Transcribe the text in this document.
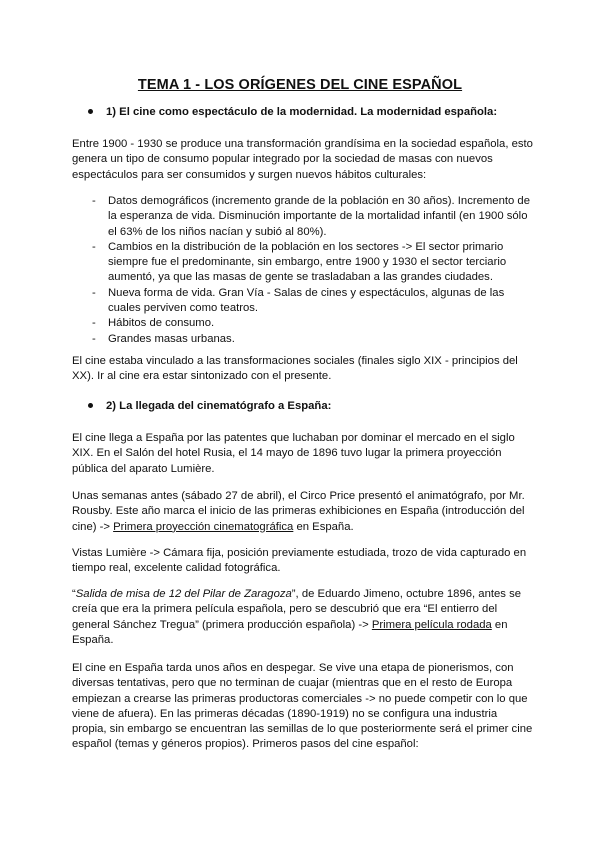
TEMA 1 - LOS ORÍGENES DEL CINE ESPAÑOL
1) El cine como espectáculo de la modernidad. La modernidad española:

Entre 1900 - 1930 se produce una transformación grandísima en la sociedad española, esto genera un tipo de consumo popular integrado por la sociedad de masas con nuevos espectáculos para ser consumidos y surgen nuevos hábitos culturales:

- Datos demográficos (incremento grande de la población en 30 años). Incremento de la esperanza de vida. Disminución importante de la mortalidad infantil (en 1900 sólo el 63% de los niños nacían y subió al 80%).
- Cambios en la distribución de la población en los sectores -> El sector primario siempre fue el predominante, sin embargo, entre 1900 y 1930 el sector terciario aumentó, ya que las masas de gente se trasladaban a las grandes ciudades.
- Nueva forma de vida. Gran Vía - Salas de cines y espectáculos, algunas de las cuales perviven como teatros.
- Hábitos de consumo.
- Grandes masas urbanas.

El cine estaba vinculado a las transformaciones sociales (finales siglo XIX - principios del XX). Ir al cine era estar sintonizado con el presente.

2) La llegada del cinematógrafo a España:

El cine llega a España por las patentes que luchaban por dominar el mercado en el siglo XIX. En el Salón del hotel Rusia, el 14 mayo de 1896 tuvo lugar la primera proyección pública del aparato Lumière.

Unas semanas antes (sábado 27 de abril), el Circo Price presentó el animatógrafo, por Mr. Rousby. Este año marca el inicio de las primeras exhibiciones en España (introducción del cine) -> Primera proyección cinematográfica en España.

Vistas Lumière -> Cámara fija, posición previamente estudiada, trozo de vida capturado en tiempo real, excelente calidad fotográfica.

“Salida de misa de 12 del Pilar de Zaragoza”, de Eduardo Jimeno, octubre 1896, antes se creía que era la primera película española, pero se descubrió que era “El entierro del general Sánchez Tregua” (primera producción española) -> Primera película rodada en España.

El cine en España tarda unos años en despegar. Se vive una etapa de pionerismos, con diversas tentativas, pero que no terminan de cuajar (mientras que en el resto de Europa empiezan a crearse las primeras productoras comerciales -> no puede competir con lo que viene de afuera). En las primeras décadas (1890-1919) no se configura una industria propia, sin embargo se encuentran las semillas de lo que posteriormente será el primer cine español (temas y géneros propios). Primeros pasos del cine español:
